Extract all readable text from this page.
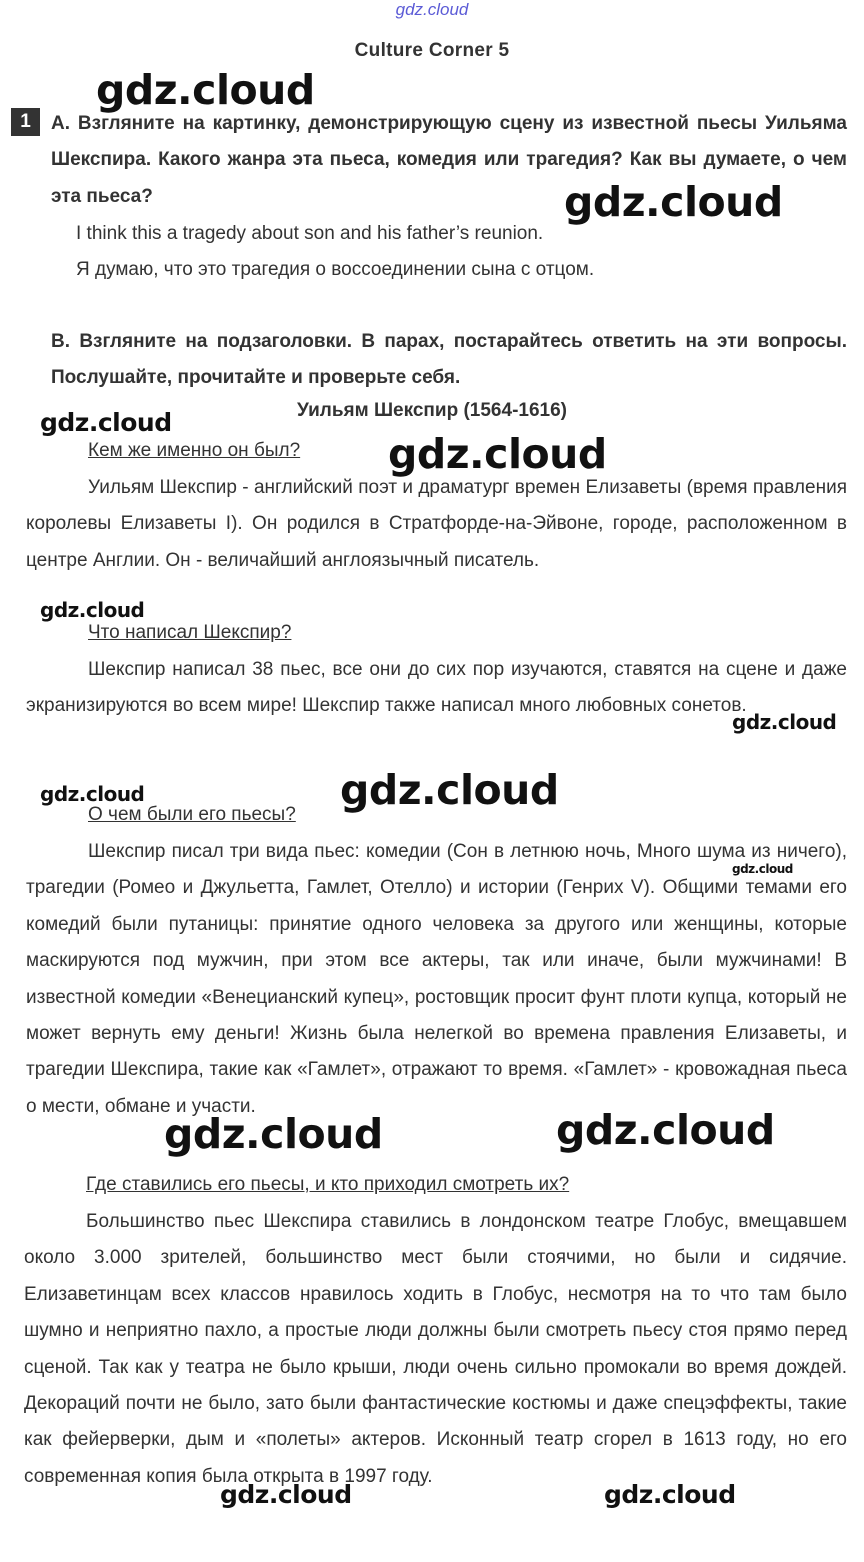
gdz.cloud
Culture Corner 5
1	A. Взгляните на картинку, демонстрирующую сцену из известной пьесы Уильяма Шекспира. Какого жанра эта пьеса, комедия или трагедия? Как вы думаете, о чем эта пьеса?

I think this a tragedy about son and his father’s reunion.

Я думаю, что это трагедия о воссоединении сына с отцом.

B. Взгляните на подзаголовки. В парах, постарайтесь ответить на эти вопросы. Послушайте, прочитайте и проверьте себя.

Уильям Шекспир (1564-1616)
Кем же именно он был?

Уильям Шекспир - английский поэт и драматург времен Елизаветы (время правления королевы Елизаветы I). Он родился в Стратфорде-на-Эйвоне, городе, расположенном в центре Англии. Он - величайший англоязычный писатель.

Что написал Шекспир?

Шекспир написал 38 пьес, все они до сих пор изучаются, ставятся на сцене и даже экранизируются во всем мире! Шекспир также написал много любовных сонетов.

О чем были его пьесы?

Шекспир писал три вида пьес: комедии (Сон в летнюю ночь, Много шума из ничего), трагедии (Ромео и Джульетта, Гамлет, Отелло) и истории (Генрих V). Общими темами его комедий были путаницы: принятие одного человека за другого или женщины, которые маскируются под мужчин, при этом все актеры, так или иначе, были мужчинами! В известной комедии «Венецианский купец», ростовщик просит фунт плоти купца, который не может вернуть ему деньги! Жизнь была нелегкой во времена правления Елизаветы, и трагедии Шекспира, такие как «Гамлет», отражают то время. «Гамлет» - кровожадная пьеса о мести, обмане и участи.

Где ставились его пьесы, и кто приходил смотреть их?

Большинство пьес Шекспира ставились в лондонском театре Глобус, вмещавшем около 3.000 зрителей, большинство мест были стоячими, но были и сидячие. Елизаветинцам всех классов нравилось ходить в Глобус, несмотря на то что там было шумно и неприятно пахло, а простые люди должны были смотреть пьесу стоя прямо перед сценой. Так как у театра не было крыши, люди очень сильно промокали во время дождей. Декораций почти не было, зато были фантастические костюмы и даже спецэффекты, такие как фейерверки, дым и «полеты» актеров. Исконный театр сгорел в 1613 году, но его современная копия была открыта в 1997 году.

gdz.cloud
gdz.cloud
gdz.cloud
gdz.cloud
gdz.cloud
gdz.cloud
gdz.cloud	gdz.cloud
gdz.cloud
gdz.cloud	gdz.cloud
gdz.cloud	gdz.cloud
